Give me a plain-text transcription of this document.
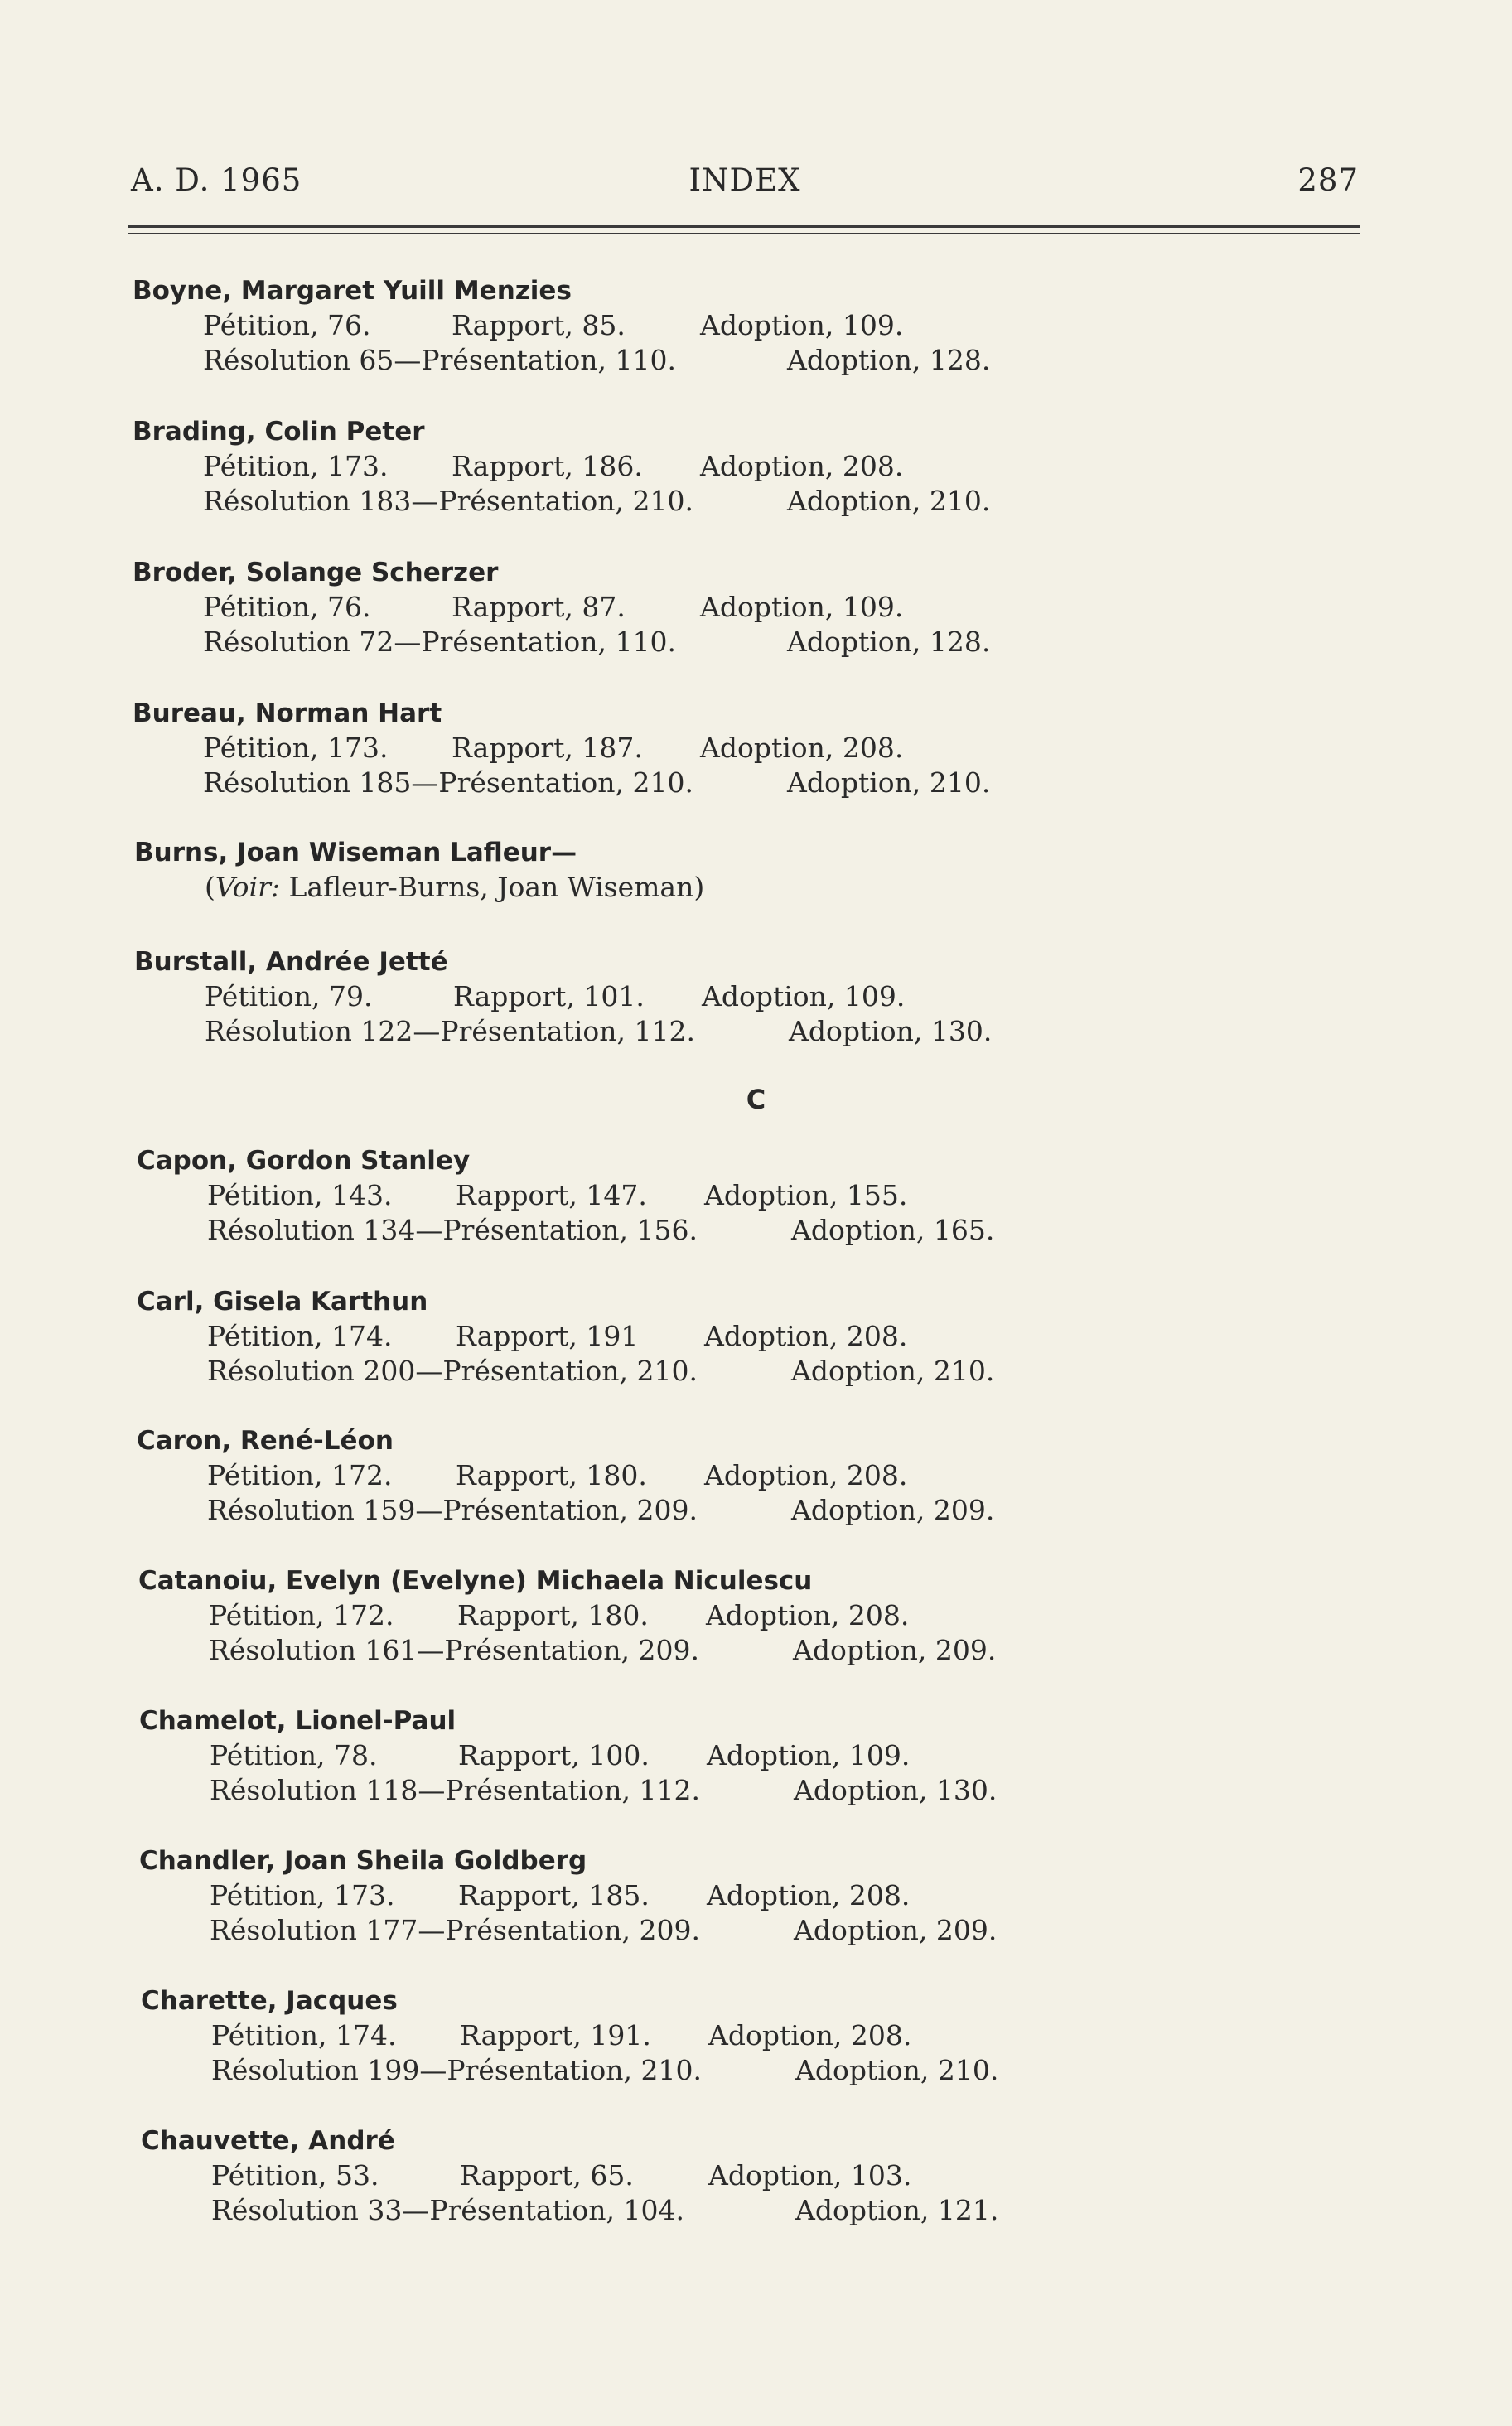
A. D. 1965	INDEX	287
C
Boyne, Margaret Yuill Menzies
Pétition, 76.	Rapport, 85.	Adoption, 109.
Résolution 65—Présentation, 110.	Adoption, 128.
Brading, Colin Peter
Pétition, 173. Rapport, 186. Adoption, 208.
Résolution 183—Présentation, 210.	Adoption, 210.
Broder, Solange Scherzer
Pétition, 76.	Rapport, 87.	Adoption, 109.
Résolution 72—Présentation, 110.	Adoption, 128.
Bureau, Norman Hart
Pétition, 173. Rapport, 187. Adoption, 208.
Résolution 185—Présentation, 210.	Adoption, 210.
Burns, Joan Wiseman Lafleur—
(Voir: Lafleur-Burns, Joan Wiseman)
Burstall, Andrée Jetté
Pétition, 79.	Rapport, 101. Adoption, 109.
Résolution 122—Présentation, 112.	Adoption, 130.
Capon, Gordon Stanley
Pétition, 143. Rapport, 147. Adoption, 155.
Résolution 134—Présentation, 156.	Adoption, 165.
Carl, Gisela Karthun
Pétition, 174. Rapport, 191 Adoption, 208.
Résolution 200—Présentation, 210.	Adoption, 210.
Caron, René-Léon
Pétition, 172. Rapport, 180. Adoption, 208.
Résolution 159—Présentation, 209.	Adoption, 209.
Catanoiu, Evelyn (Evelyne) Michaela Niculescu
Pétition, 172. Rapport, 180. Adoption, 208.
Résolution 161—Présentation, 209.	Adoption, 209.
Chamelot, Lionel-Paul
Pétition, 78.	Rapport, 100. Adoption, 109.
Résolution 118—Présentation, 112.	Adoption, 130.
Chandler, Joan Sheila Goldberg
Pétition, 173. Rapport, 185. Adoption, 208.
Résolution 177—Présentation, 209.	Adoption, 209.
Charette, Jacques
Pétition, 174. Rapport, 191. Adoption, 208.
Résolution 199—Présentation, 210.	Adoption, 210.
Chauvette, André
Pétition, 53.	Rapport, 65.	Adoption, 103.
Résolution 33—Présentation, 104.	Adoption, 121.
